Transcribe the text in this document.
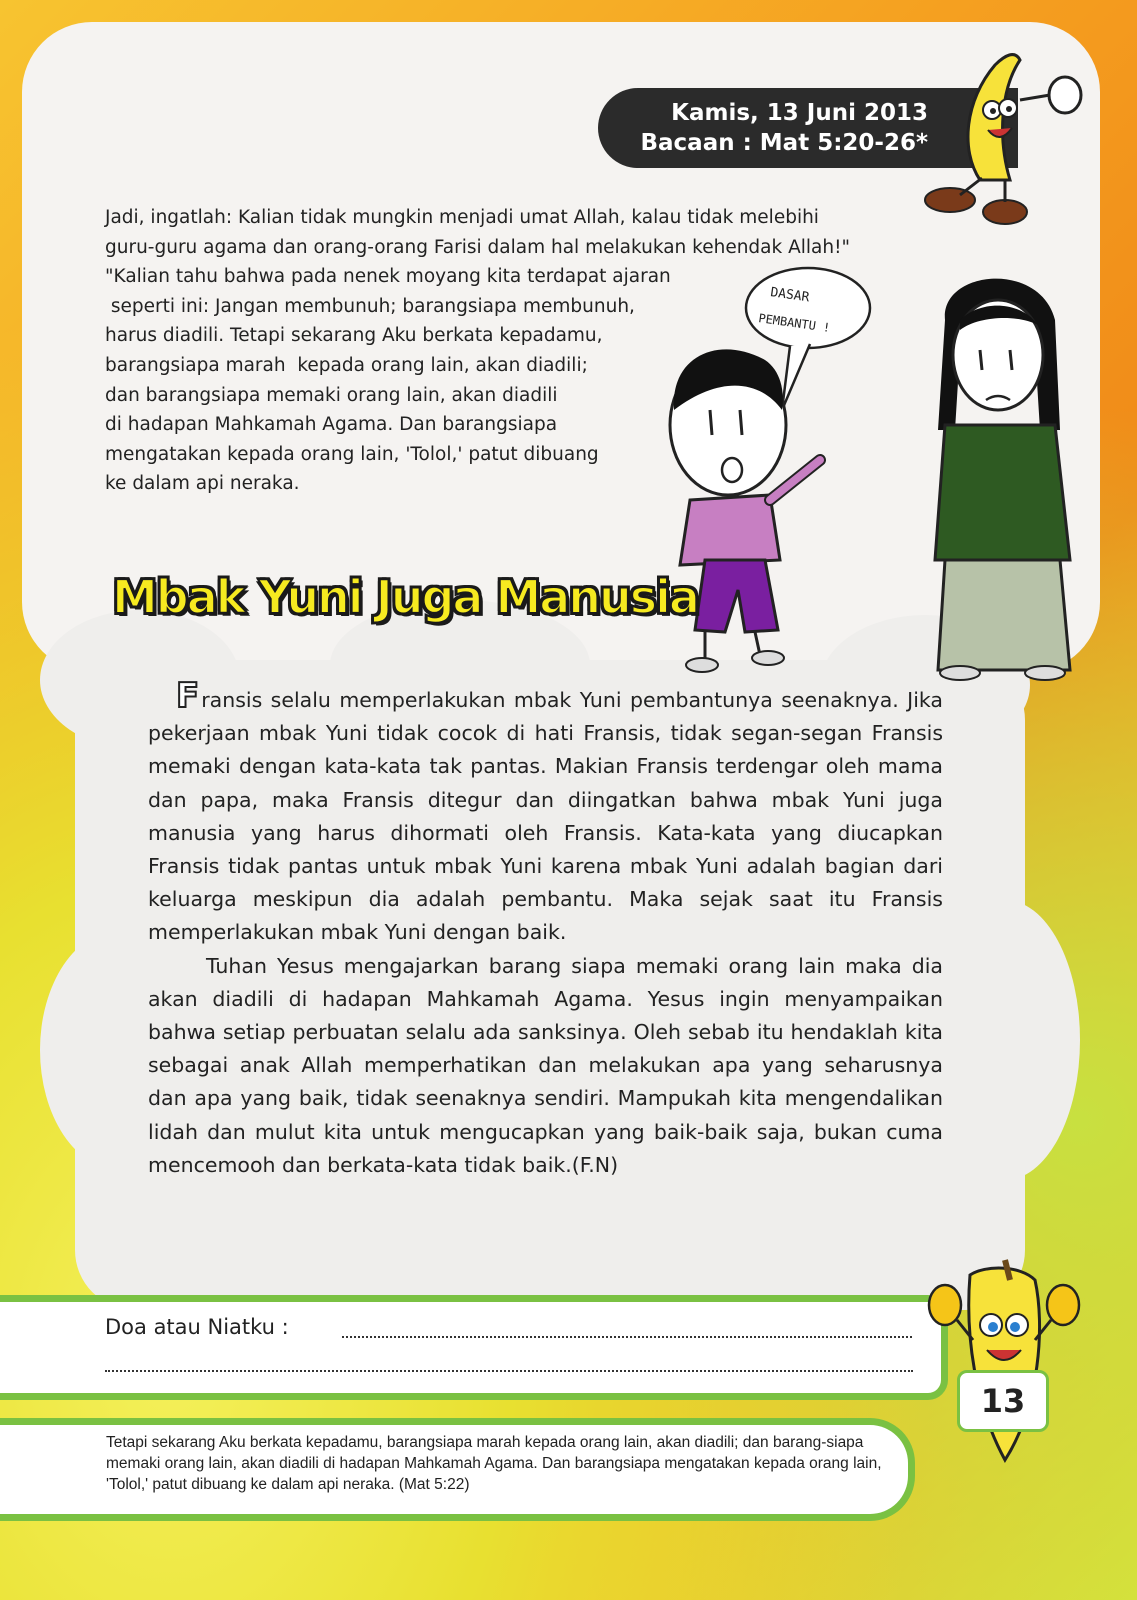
Kamis, 13 Juni 2013
Bacaan : Mat 5:20-26*
Jadi, ingatlah: Kalian tidak mungkin menjadi umat Allah, kalau tidak melebihi
guru-guru agama dan orang-orang Farisi dalam hal melakukan kehendak Allah!"
"Kalian tahu bahwa pada nenek moyang kita terdapat ajaran
seperti ini: Jangan membunuh; barangsiapa membunuh,
harus diadili. Tetapi sekarang Aku berkata kepadamu,
barangsiapa marah  kepada orang lain, akan diadili;
dan barangsiapa memaki orang lain, akan diadili
di hadapan Mahkamah Agama. Dan barangsiapa
mengatakan kepada orang lain, 'Tolol,' patut dibuang
ke dalam api neraka.
DASAR
PEMBANTU !
Mbak Yuni Juga Manusia

Fransis selalu memperlakukan mbak Yuni pembantunya seenaknya. Jika pekerjaan mbak Yuni tidak cocok di hati Fransis, tidak segan-segan Fransis memaki dengan kata-kata tak pantas. Makian Fransis terdengar oleh mama dan papa, maka Fransis ditegur dan diingatkan bahwa mbak Yuni juga manusia yang harus dihormati oleh Fransis. Kata-kata yang diucapkan Fransis tidak pantas untuk mbak Yuni karena mbak Yuni adalah bagian dari keluarga meskipun dia adalah pembantu. Maka sejak saat itu Fransis memperlakukan mbak Yuni dengan baik.

Tuhan Yesus mengajarkan barang siapa memaki orang lain maka dia akan diadili di hadapan Mahkamah Agama. Yesus ingin menyampaikan bahwa setiap perbuatan selalu ada sanksinya. Oleh sebab itu hendaklah kita sebagai anak Allah memperhatikan dan melakukan apa yang seharusnya dan apa yang baik, tidak seenaknya sendiri. Mampukah kita mengendalikan lidah dan mulut kita untuk mengucapkan yang baik-baik saja, bukan cuma mencemooh dan berkata-kata tidak baik.(F.N)

Doa atau Niatku :
13
Tetapi sekarang Aku berkata kepadamu, barangsiapa marah kepada orang lain, akan diadili; dan barang-siapa memaki orang lain, akan diadili di hadapan Mahkamah Agama. Dan barangsiapa mengatakan kepada orang lain, 'Tolol,' patut dibuang ke dalam api neraka. (Mat 5:22)
